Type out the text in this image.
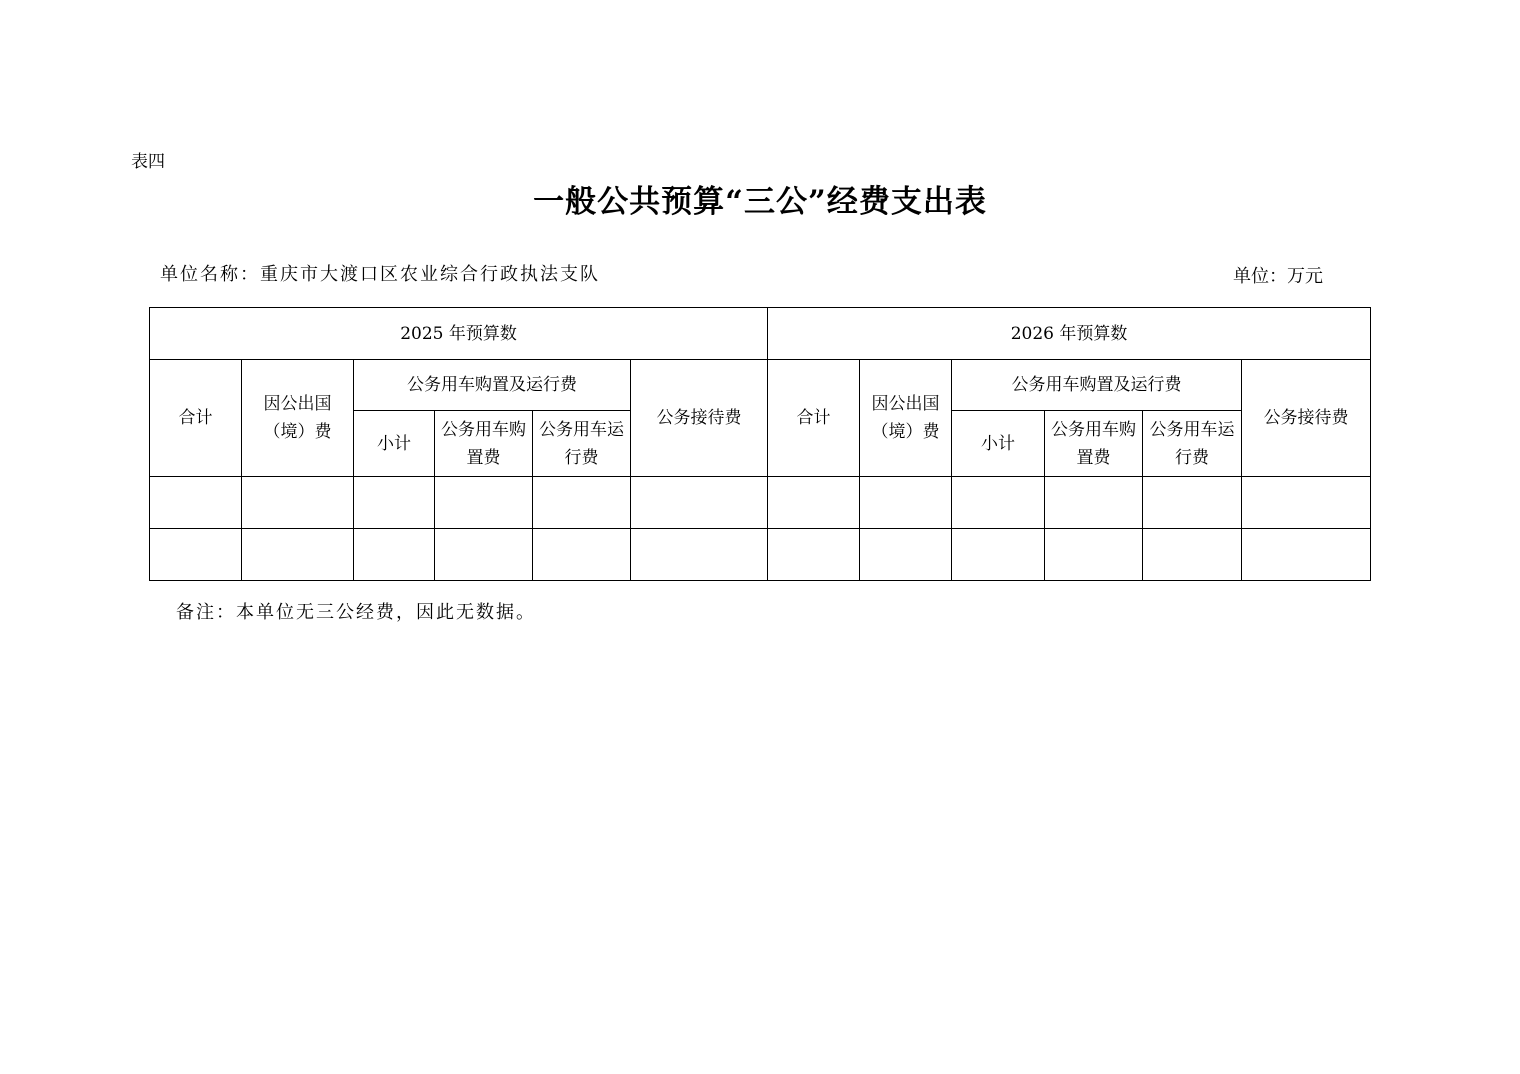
表四
一般公共预算“三公”经费支出表
单位名称：重庆市大渡口区农业综合行政执法支队	单位：万元
2025 年预算数						2026 年预算数					
合计	因公出国（境）费	公务用车购置及运行费			公务接待费	合计	因公出国（境）费	公务用车购置及运行费			公务接待费
		小计	公务用车购置费	公务用车运行费				小计	公务用车购置费	公务用车运行费	

备注：本单位无三公经费，因此无数据。
